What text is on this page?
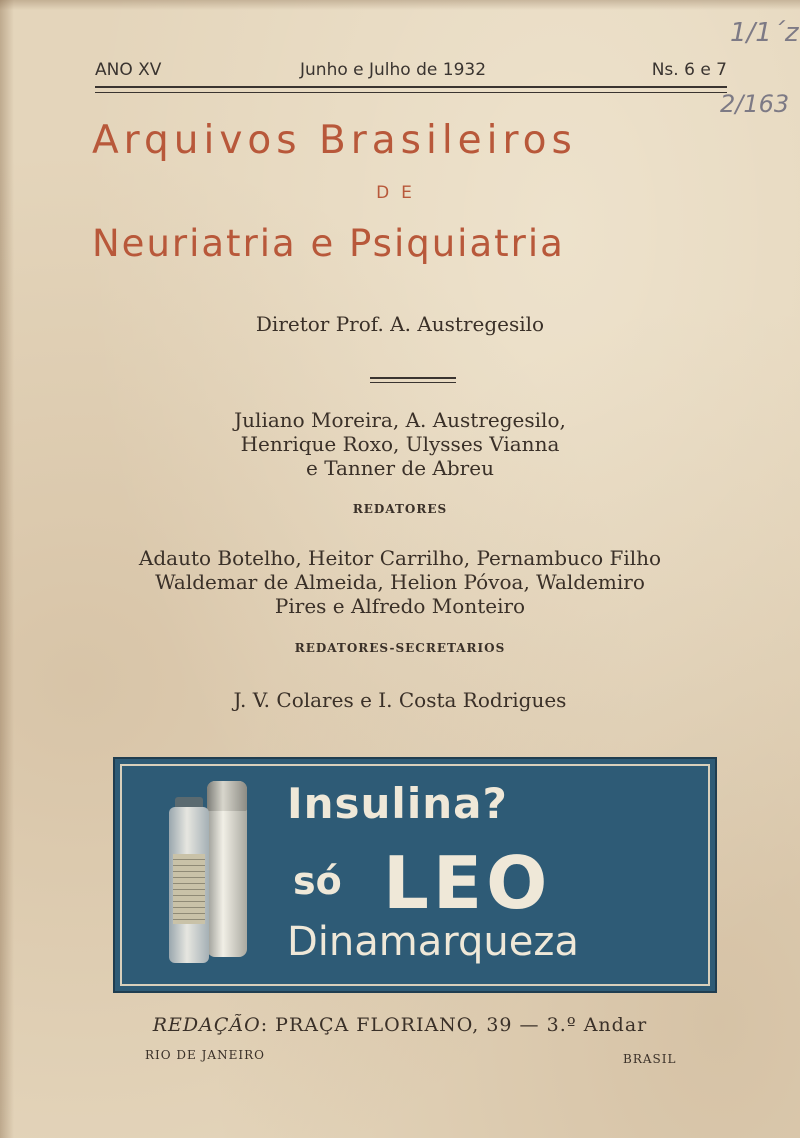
1/1´z
2/163
ANO XV	Junho e Julho de 1932	Ns. 6 e 7
Arquivos Brasileiros
DE
Neuriatria e Psiquiatria
Diretor Prof. A. Austregesilo
Juliano Moreira, A. Austregesilo,
Henrique Roxo, Ulysses Vianna
e Tanner de Abreu
REDATORES
Adauto Botelho, Heitor Carrilho, Pernambuco Filho
Waldemar de Almeida, Helion Póvoa, Waldemiro
Pires e Alfredo Monteiro
REDATORES-SECRETARIOS
J. V. Colares e I. Costa Rodrigues
Insulina?
só LEO
Dinamarqueza
REDAÇÃO: PRAÇA FLORIANO, 39 — 3.º Andar
RIO DE JANEIRO	BRASIL
